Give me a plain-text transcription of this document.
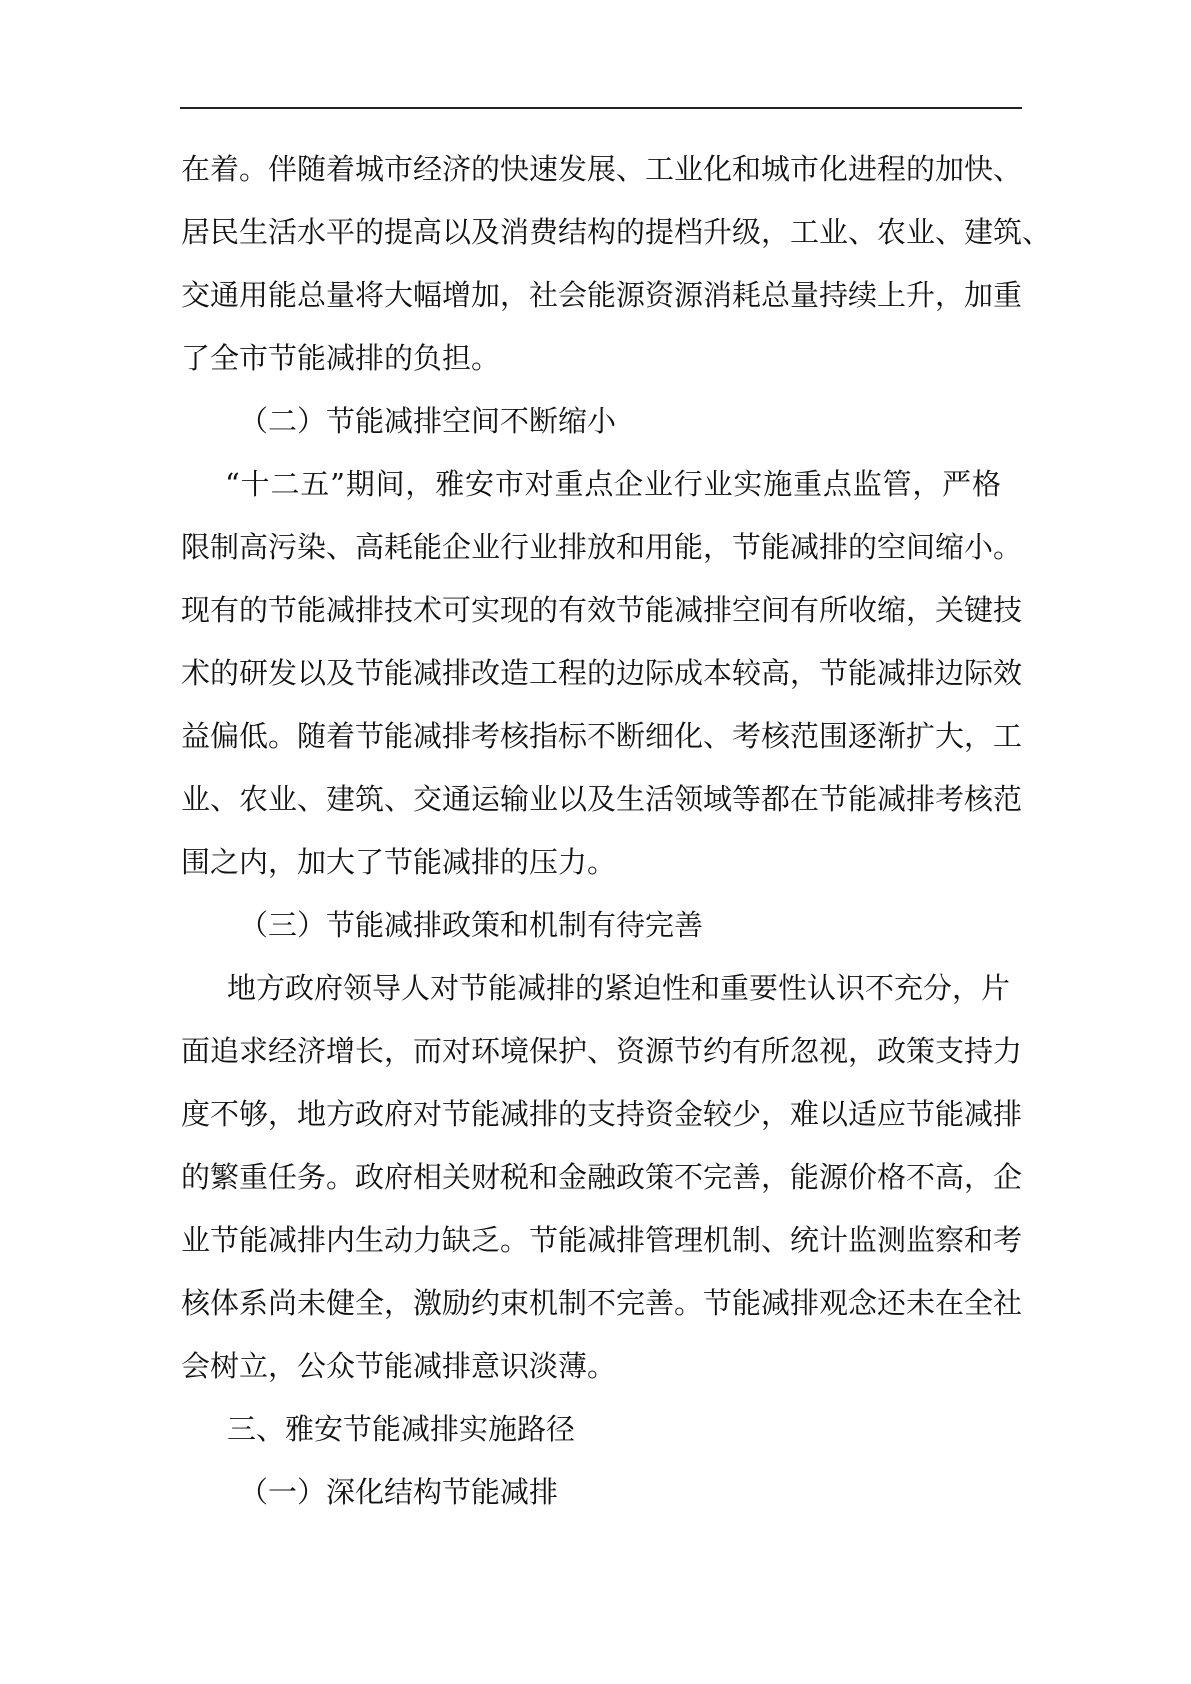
在着。伴随着城市经济的快速发展、工业化和城市化进程的加快、
居民生活水平的提高以及消费结构的提档升级，工业、农业、建筑、
交通用能总量将大幅增加，社会能源资源消耗总量持续上升，加重
了全市节能减排的负担。
（二）节能减排空间不断缩小
“十二五”期间，雅安市对重点企业行业实施重点监管，严格
限制高污染、高耗能企业行业排放和用能，节能减排的空间缩小。
现有的节能减排技术可实现的有效节能减排空间有所收缩，关键技
术的研发以及节能减排改造工程的边际成本较高，节能减排边际效
益偏低。随着节能减排考核指标不断细化、考核范围逐渐扩大，工
业、农业、建筑、交通运输业以及生活领域等都在节能减排考核范
围之内，加大了节能减排的压力。
（三）节能减排政策和机制有待完善
地方政府领导人对节能减排的紧迫性和重要性认识不充分，片
面追求经济增长，而对环境保护、资源节约有所忽视，政策支持力
度不够，地方政府对节能减排的支持资金较少，难以适应节能减排
的繁重任务。政府相关财税和金融政策不完善，能源价格不高，企
业节能减排内生动力缺乏。节能减排管理机制、统计监测监察和考
核体系尚未健全，激励约束机制不完善。节能减排观念还未在全社
会树立，公众节能减排意识淡薄。
三、雅安节能减排实施路径
（一）深化结构节能减排
